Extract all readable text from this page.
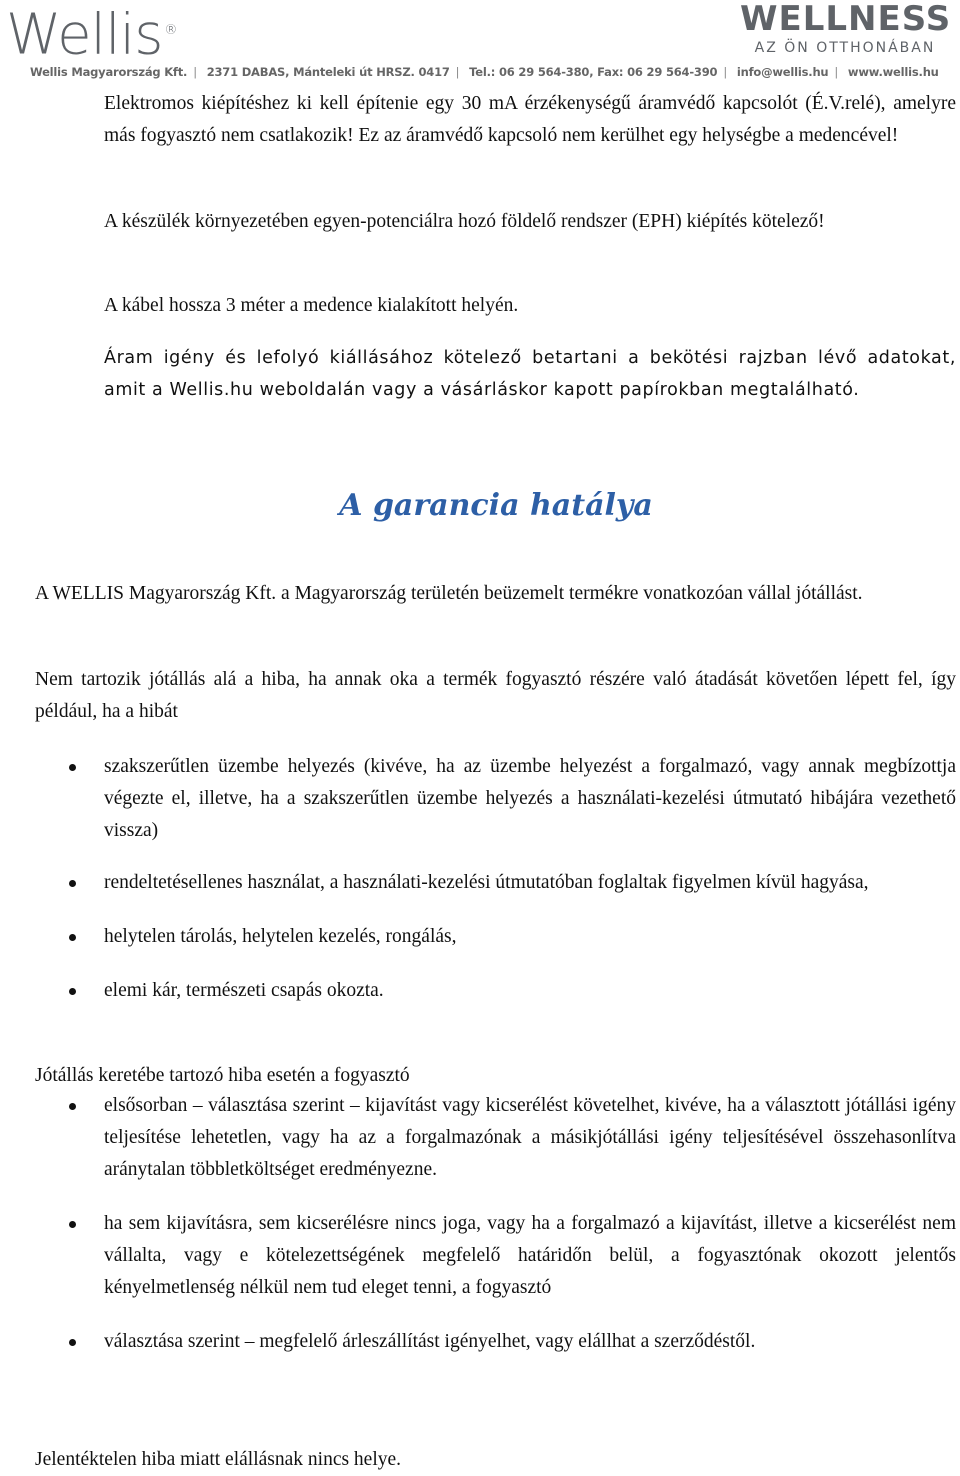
Wellis ®	WELLNESS
AZ ÖN OTTHONÁBAN
Wellis Magyarország Kft. | 2371 DABAS, Mánteleki út HRSZ. 0417 | Tel.: 06 29 564-380, Fax: 06 29 564-390 | info@wellis.hu | www.wellis.hu

Elektromos kiépítéshez ki kell építenie egy 30 mA érzékenységű áramvédő kapcsolót (É.V.relé), amelyre más fogyasztó nem csatlakozik! Ez az áramvédő kapcsoló nem kerülhet egy helységbe a medencével!

A készülék környezetében egyen-potenciálra hozó földelő rendszer (EPH) kiépítés kötelező!

A kábel hossza 3 méter a medence kialakított helyén.

Áram igény és lefolyó kiállásához kötelező betartani a bekötési rajzban lévő adatokat, amit a Wellis.hu weboldalán vagy a vásárláskor kapott papírokban megtalálható.

A garancia hatálya

A WELLIS Magyarország Kft. a Magyarország területén beüzemelt termékre vonatkozóan vállal jótállást.

Nem tartozik jótállás alá a hiba, ha annak oka a termék fogyasztó részére való átadását követően lépett fel, így például, ha a hibát

szakszerűtlen üzembe helyezés (kivéve, ha az üzembe helyezést a forgalmazó, vagy annak megbízottja végezte el, illetve, ha a szakszerűtlen üzembe helyezés a használati-kezelési útmutató hibájára vezethető vissza)
rendeltetésellenes használat, a használati-kezelési útmutatóban foglaltak figyelmen kívül hagyása,
helytelen tárolás, helytelen kezelés, rongálás,
elemi kár, természeti csapás okozta.

Jótállás keretébe tartozó hiba esetén a fogyasztó

elsősorban – választása szerint – kijavítást vagy kicserélést követelhet, kivéve, ha a választott jótállási igény teljesítése lehetetlen, vagy ha az a forgalmazónak a másikjótállási igény teljesítésével összehasonlítva aránytalan többletköltséget eredményezne.
ha sem kijavításra, sem kicserélésre nincs joga, vagy ha a forgalmazó a kijavítást, illetve a kicserélést nem vállalta, vagy e kötelezettségének megfelelő határidőn belül, a fogyasztónak okozott jelentős kényelmetlenség nélkül nem tud eleget tenni, a fogyasztó
választása szerint – megfelelő árleszállítást igényelhet, vagy elállhat a szerződéstől.

Jelentéktelen hiba miatt elállásnak nincs helye.
